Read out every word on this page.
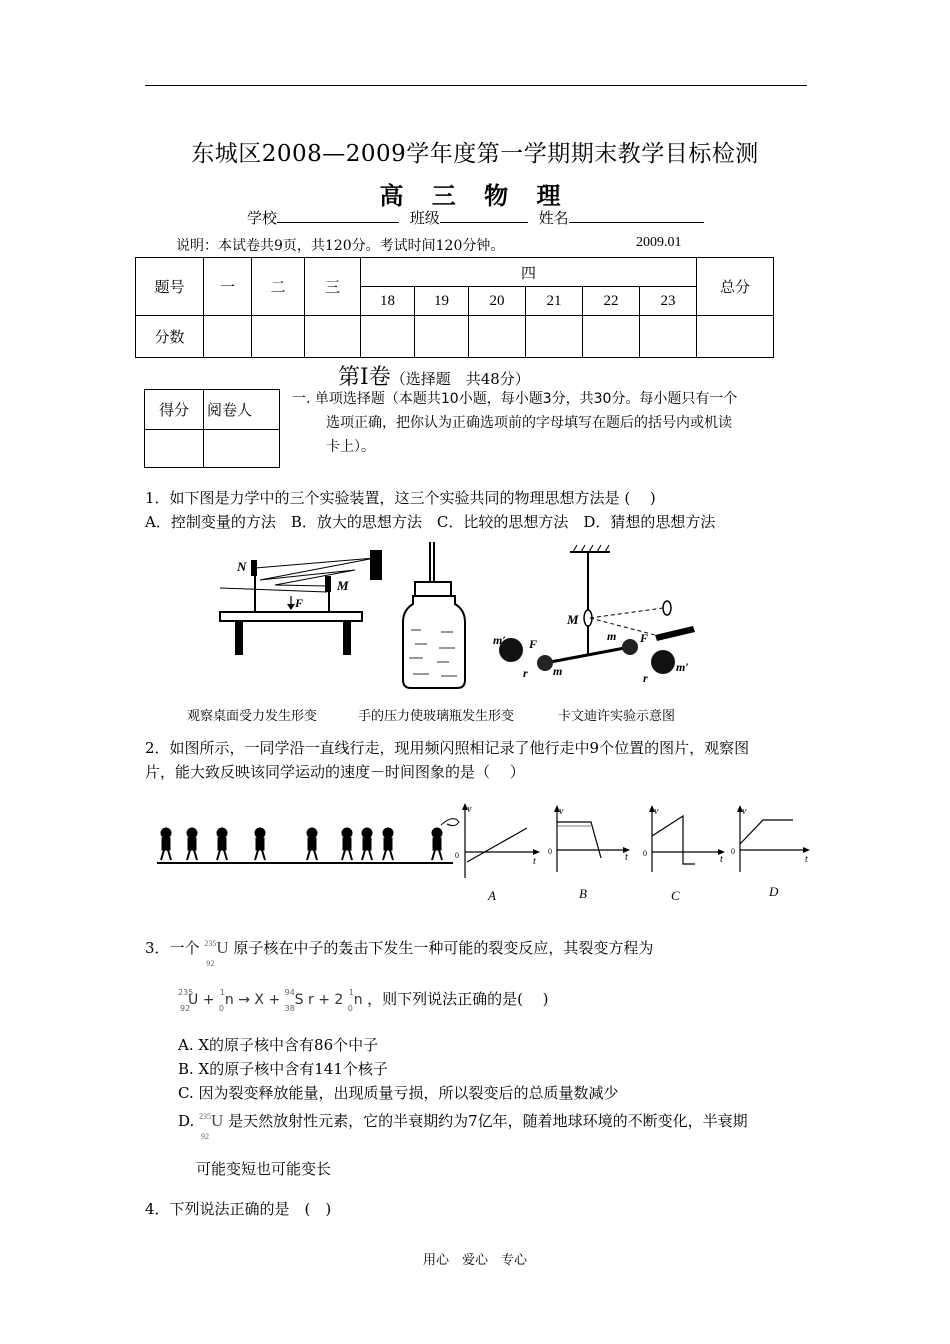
东城区2008—2009学年度第一学期期末教学目标检测
高 三 物 理
学校	班级	姓名
说明：本试卷共9页，共120分。考试时间120分钟。	2009.01
题号	一	二	三	四						总分
				18	19	20	21	22	23	
分数										
第Ⅰ卷（选择题　共48分）
得分	阅卷人

一. 单项选择题（本题共10小题，每小题3分，共30分。每小题只有一个
选项正确，把你认为正确选项前的字母填写在题后的括号内或机读
卡上）。
1．如下图是力学中的三个实验装置，这三个实验共同的物理思想方法是 (　 )
A．控制变量的方法　B．放大的思想方法　C．比较的思想方法　D．猜想的思想方法
N
M
F
m′ F
m
M
m F
m′
r	r
观察桌面受力发生形变	手的压力使玻璃瓶发生形变	卡文迪许实验示意图
2．如图所示，一同学沿一直线行走，现用频闪照相记录了他行走中9个位置的图片，观察图
片，能大致反映该同学运动的速度－时间图象的是（　 ）
v
t
0
A
v
t
0
B
v
t
0
C
v
t
0
D
3．一个 235
92
U 原子核在中子的轰击下发生一种可能的裂变反应，其裂变方程为
235
92
U + 1
0
n → X + 94
38
S r + 2 1
0
n ，则下列说法正确的是(　 )
A. X的原子核中含有86个中子
B. X的原子核中含有141个核子
C. 因为裂变释放能量，出现质量亏损，所以裂变后的总质量数减少
D. 235
92
U 是天然放射性元素，它的半衰期约为7亿年，随着地球环境的不断变化，半衰期
可能变短也可能变长
4．下列说法正确的是　(　)
用心　爱心　专心
